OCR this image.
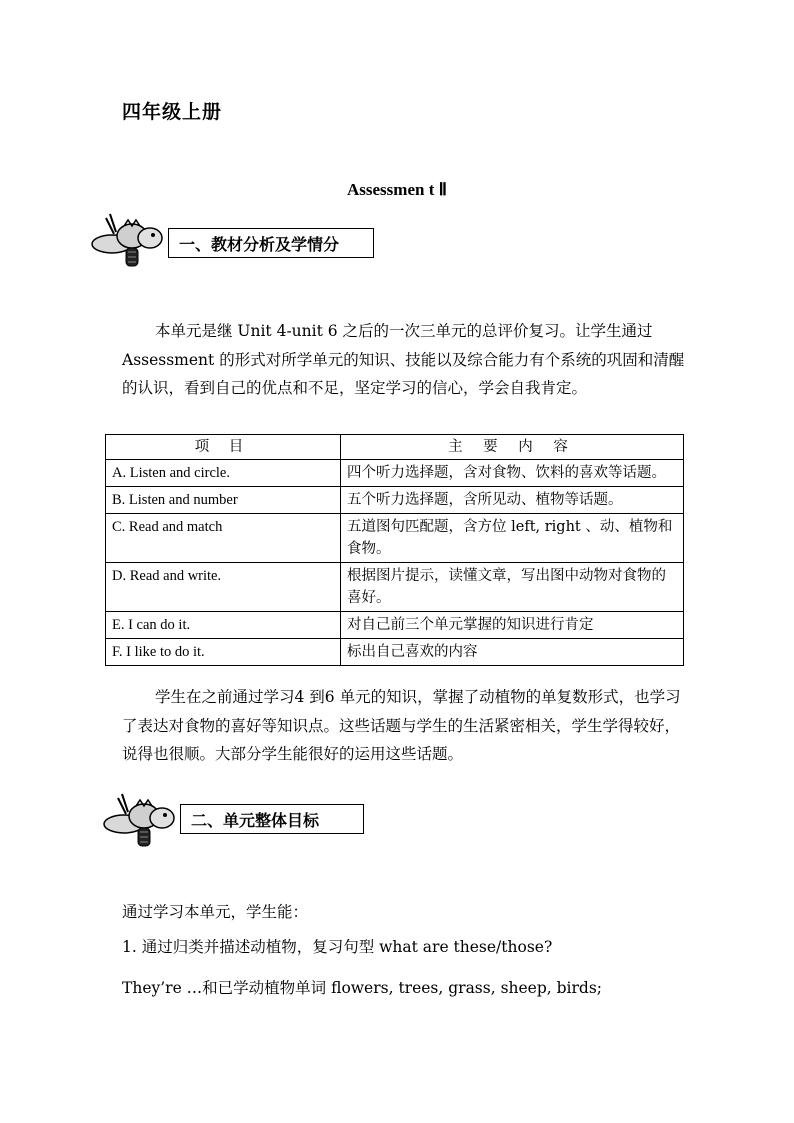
四年级上册
Assessmen t Ⅱ
一、教材分析及学情分
本单元是继 Unit 4-unit 6 之后的一次三单元的总评价复习。让学生通过 Assessment 的形式对所学单元的知识、技能以及综合能力有个系统的巩固和清醒的认识，看到自己的优点和不足，坚定学习的信心，学会自我肯定。
项 目	主 要 内 容
A. Listen and circle.	四个听力选择题，含对食物、饮料的喜欢等话题。
B. Listen and number	五个听力选择题，含所见动、植物等话题。
C. Read and match	五道图句匹配题，含方位 left, right 、动、植物和食物。
D. Read and write.	根据图片提示，读懂文章，写出图中动物对食物的喜好。
E. I can do it.	对自己前三个单元掌握的知识进行肯定
F. I like to do it.	标出自己喜欢的内容
学生在之前通过学习4 到6 单元的知识，掌握了动植物的单复数形式，也学习了表达对食物的喜好等知识点。这些话题与学生的生活紧密相关，学生学得较好，说得也很顺。大部分学生能很好的运用这些话题。
二、单元整体目标
通过学习本单元，学生能：
1. 通过归类并描述动植物，复习句型 what are these/those?
They’re …和已学动植物单词 flowers, trees, grass, sheep, birds;
